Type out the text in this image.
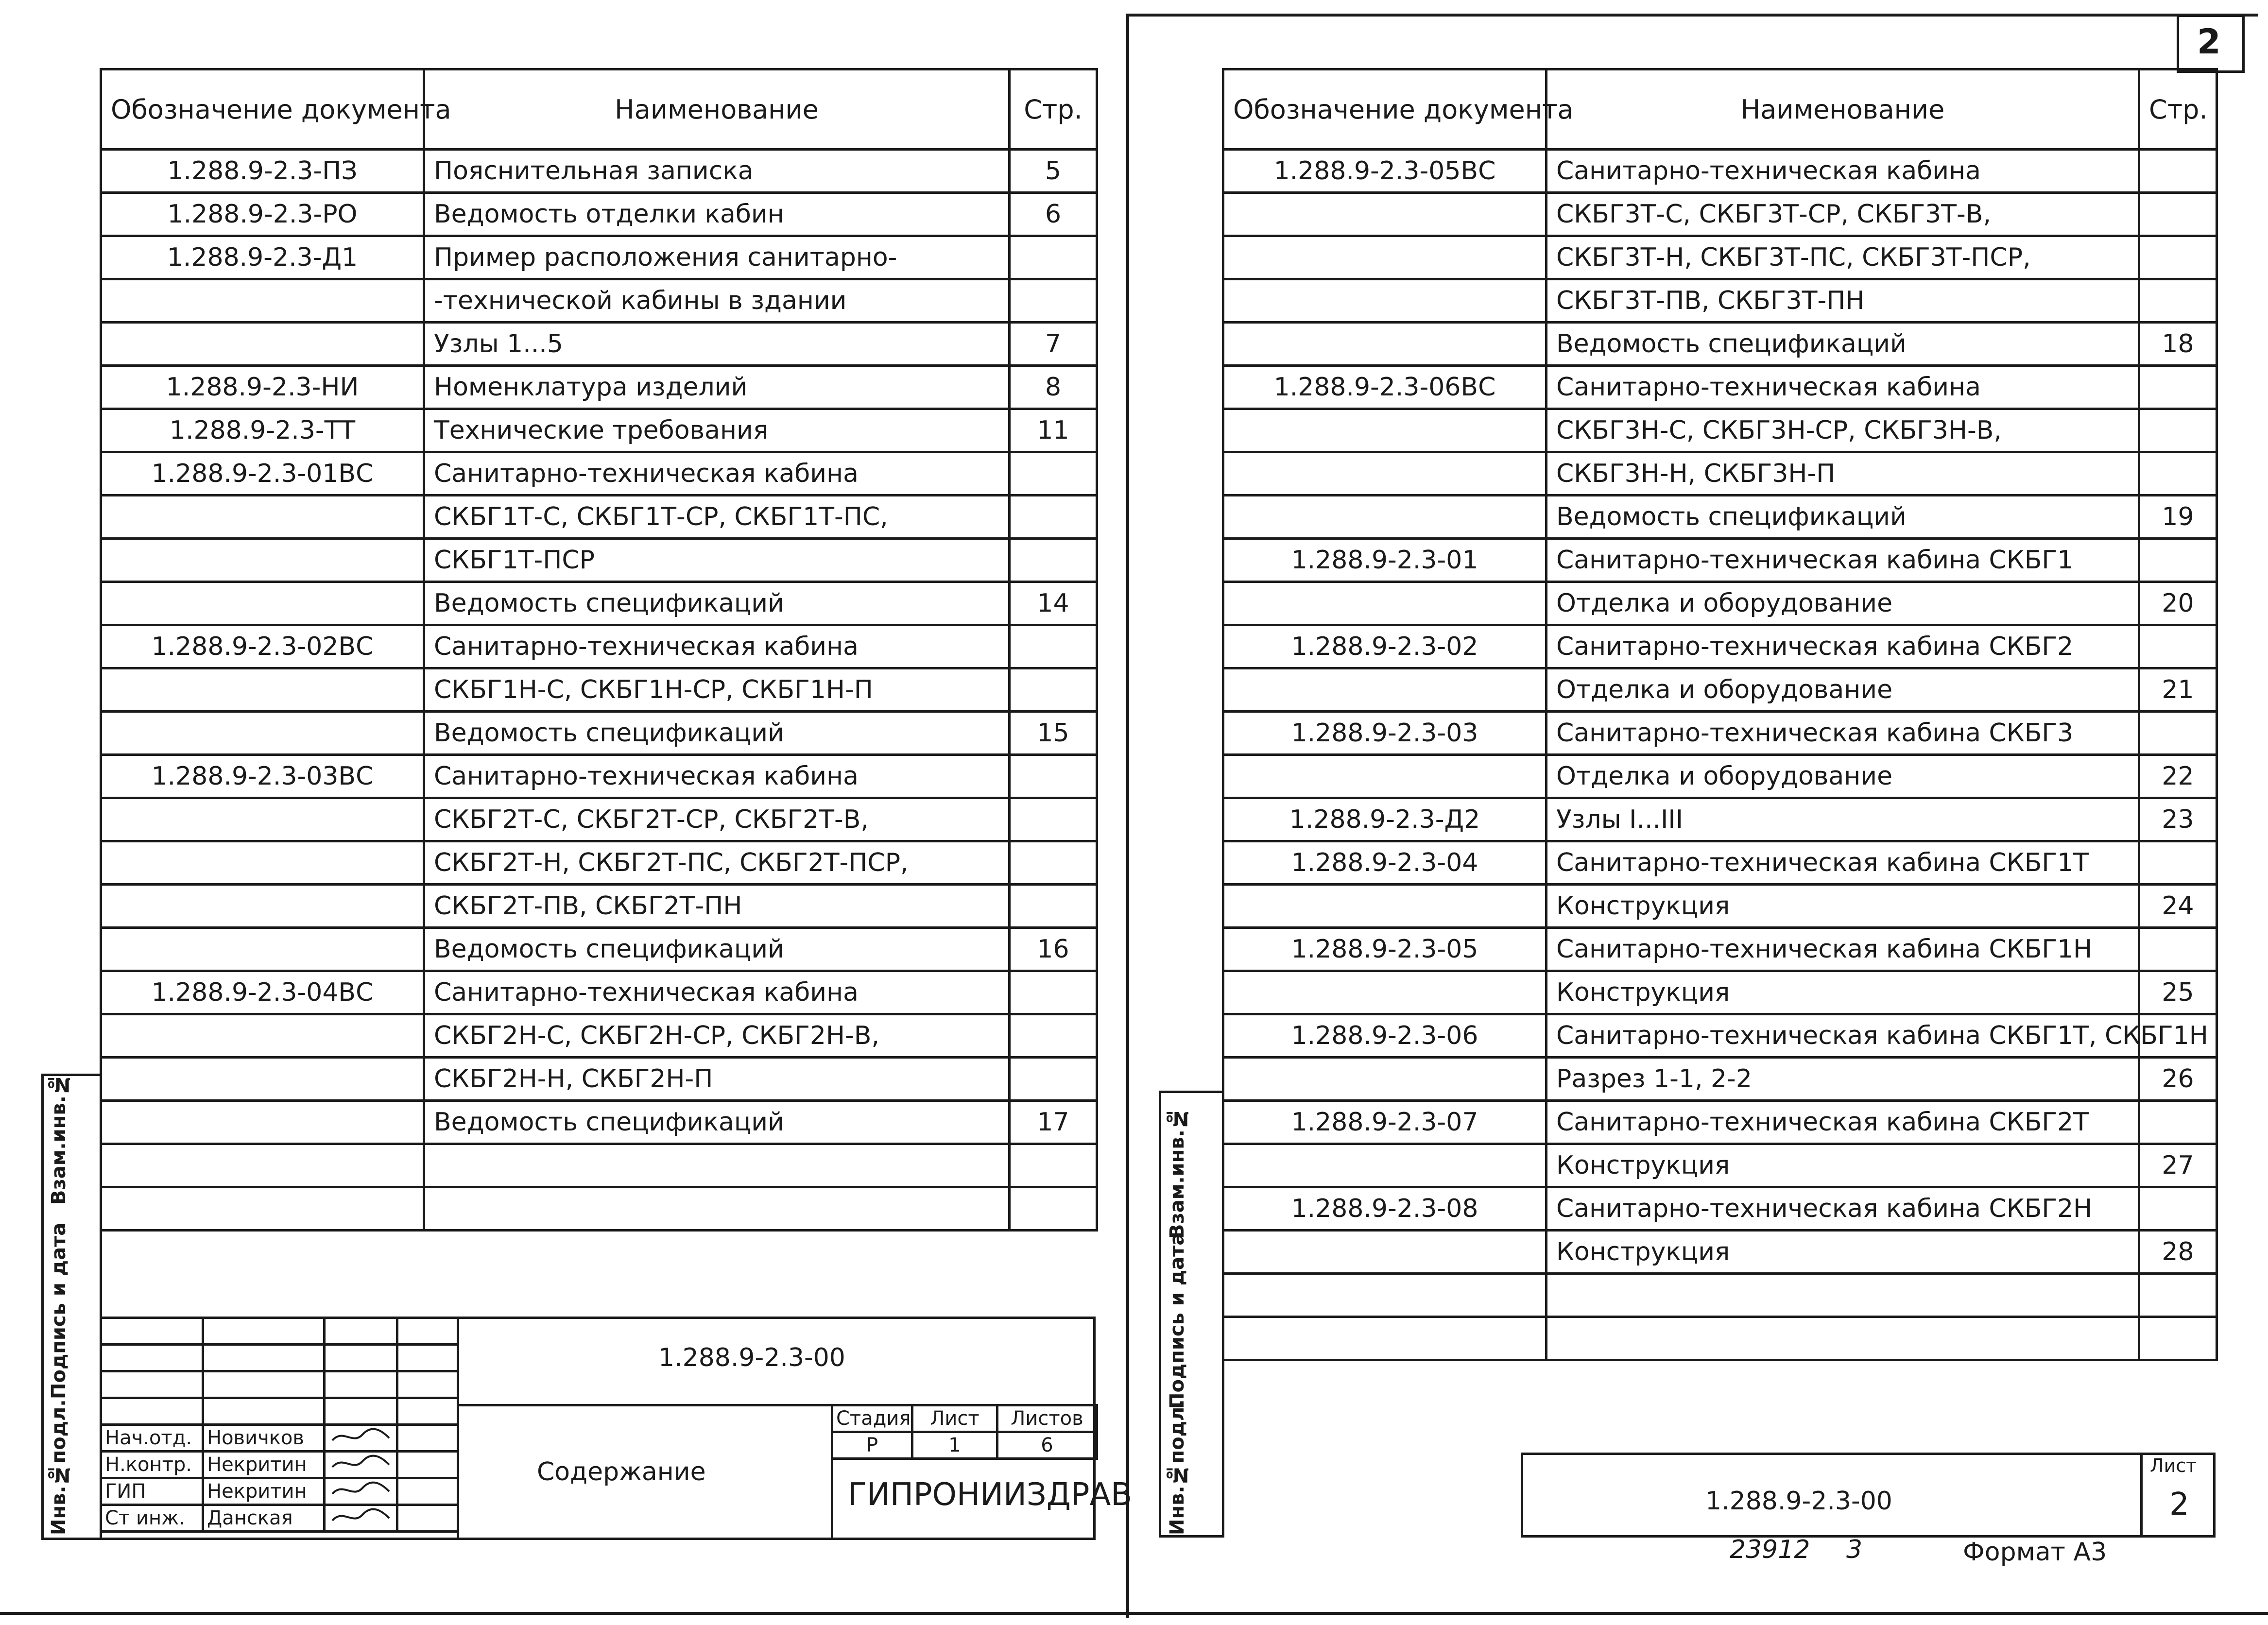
2
Обозначение документа	Наименование	Стр.
1.288.9-2.3-ПЗ	Пояснительная записка	5
1.288.9-2.3-РО	Ведомость отделки кабин	6
1.288.9-2.3-Д1	Пример расположения санитарно-	
	-технической кабины в здании	
	Узлы 1...5	7
1.288.9-2.3-НИ	Номенклатура изделий	8
1.288.9-2.3-ТТ	Технические требования	11
1.288.9-2.3-01ВС	Санитарно-техническая кабина	
	СКБГ1Т-С, СКБГ1Т-СР, СКБГ1Т-ПС,	
	СКБГ1Т-ПСР	
	Ведомость спецификаций	14
1.288.9-2.3-02ВС	Санитарно-техническая кабина	
	СКБГ1Н-С, СКБГ1Н-СР, СКБГ1Н-П	
	Ведомость спецификаций	15
1.288.9-2.3-03ВС	Санитарно-техническая кабина	
	СКБГ2Т-С, СКБГ2Т-СР, СКБГ2Т-В,	
	СКБГ2Т-Н, СКБГ2Т-ПС, СКБГ2Т-ПСР,	
	СКБГ2Т-ПВ, СКБГ2Т-ПН	
	Ведомость спецификаций	16
1.288.9-2.3-04ВС	Санитарно-техническая кабина	
	СКБГ2Н-С, СКБГ2Н-СР, СКБГ2Н-В,	
	СКБГ2Н-Н, СКБГ2Н-П	
	Ведомость спецификаций	17

Взам.инв.№
Подпись и дата
Инв.№подл.
1.288.9-2.3-00
Содержание
Стадия	Лист	Листов
Р	1	6
ГИПРОНИИЗДРАВ

Нач.отд.	Новичков		
Н.контр.	Некритин		
ГИП	Некритин		
Ст инж.	Данская		
Обозначение документа	Наименование	Стр.
1.288.9-2.3-05ВС	Санитарно-техническая кабина	
	СКБГ3Т-С, СКБГ3Т-СР, СКБГ3Т-В,	
	СКБГ3Т-Н, СКБГ3Т-ПС, СКБГ3Т-ПСР,	
	СКБГ3Т-ПВ, СКБГ3Т-ПН	
	Ведомость спецификаций	18
1.288.9-2.3-06ВС	Санитарно-техническая кабина	
	СКБГ3Н-С, СКБГ3Н-СР, СКБГ3Н-В,	
	СКБГ3Н-Н, СКБГ3Н-П	
	Ведомость спецификаций	19
1.288.9-2.3-01	Санитарно-техническая кабина СКБГ1	
	Отделка и оборудование	20
1.288.9-2.3-02	Санитарно-техническая кабина СКБГ2	
	Отделка и оборудование	21
1.288.9-2.3-03	Санитарно-техническая кабина СКБГ3	
	Отделка и оборудование	22
1.288.9-2.3-Д2	Узлы I...III	23
1.288.9-2.3-04	Санитарно-техническая кабина СКБГ1Т	
	Конструкция	24
1.288.9-2.3-05	Санитарно-техническая кабина СКБГ1Н	
	Конструкция	25
1.288.9-2.3-06	Санитарно-техническая кабина СКБГ1Т, СКБГ1Н	
	Разрез 1-1, 2-2	26
1.288.9-2.3-07	Санитарно-техническая кабина СКБГ2Т	
	Конструкция	27
1.288.9-2.3-08	Санитарно-техническая кабина СКБГ2Н	
	Конструкция	28

Взам.инв.№
Подпись и дата
Инв.№подл.	1.288.9-2.3-00
Лист
2
23912 3	Формат А3
